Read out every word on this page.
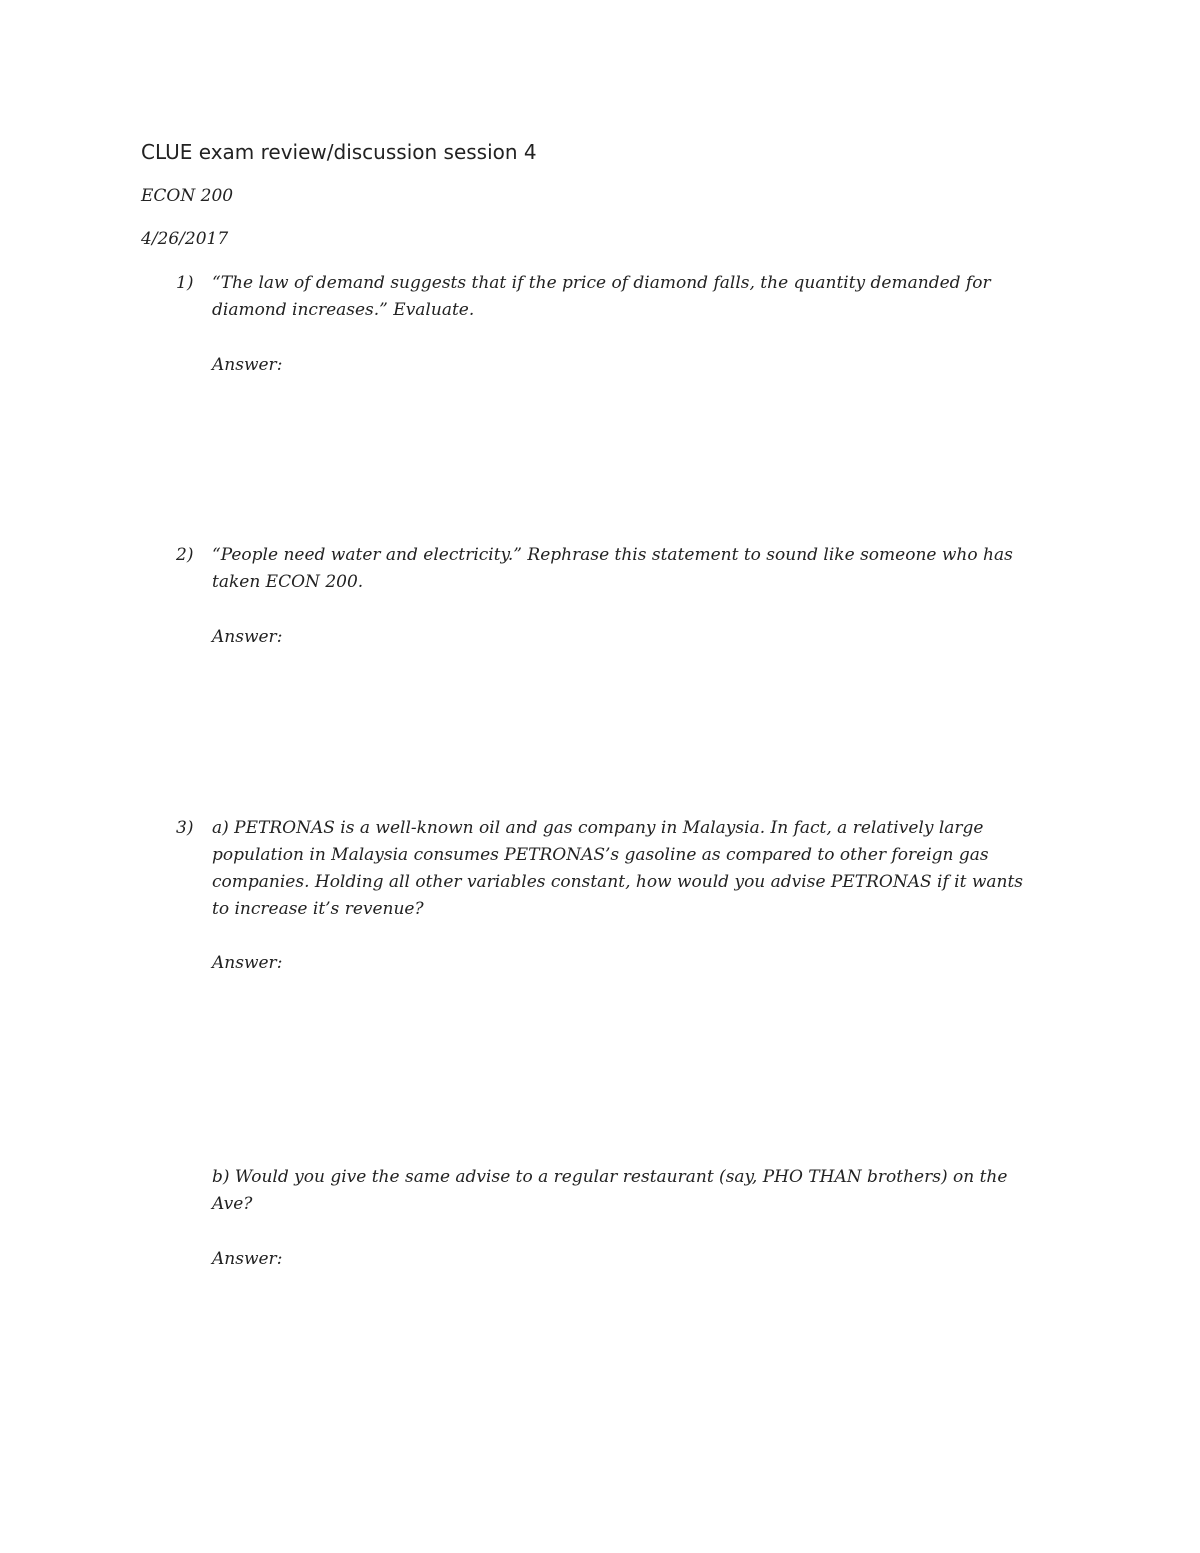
CLUE exam review/discussion session 4
ECON 200
4/26/2017
1) “The law of demand suggests that if the price of diamond falls, the quantity demanded for
diamond increases.” Evaluate.
Answer:
2) “People need water and electricity.” Rephrase this statement to sound like someone who has
taken ECON 200.
Answer:
3) a) PETRONAS is a well-known oil and gas company in Malaysia. In fact, a relatively large
population in Malaysia consumes PETRONAS’s gasoline as compared to other foreign gas
companies. Holding all other variables constant, how would you advise PETRONAS if it wants
to increase it’s revenue?
Answer:
b) Would you give the same advise to a regular restaurant (say, PHO THAN brothers) on the
Ave?
Answer:
